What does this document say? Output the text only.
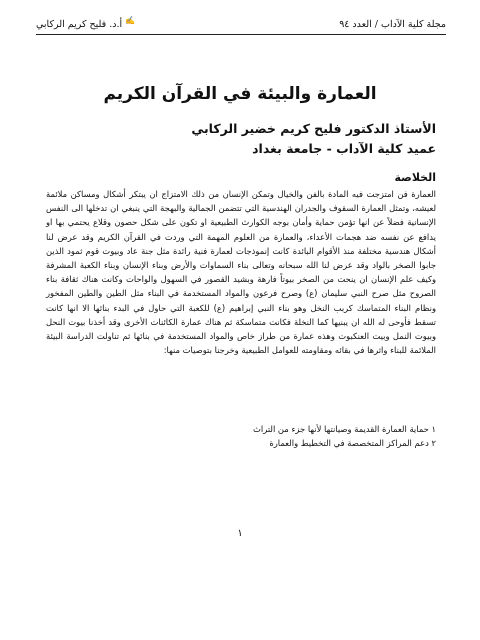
مجلة كلية الآداب / العدد ٩٤
✍أ.د. فليح كريم الركابي
العمارة والبيئة في القرآن الكريم
الأستاذ الدكتور فليح كريم خضير الركابي
عميد كلية الآداب - جامعة بغداد
الخلاصة

العمارة فن امتزجت فيه المادة بالفن والخيال وتمكن الإنسان من ذلك الامتزاج ان يبتكر أشكال ومساكن ملائمة لعيشه، وتمثل العمارة السقوف والجدران الهندسية التي تتضمن الجمالية والبهجة التي ينبغي ان تدخلها الى النفس الإنسانية فضلاً عن انها تؤمن حماية وأمان بوجه الكوارث الطبيعية او تكون على شكل حصون وقلاع يحتمي بها او يدافع عن نفسه ضد هجمات الأعداء، والعمارة من العلوم المهمة التي وردت في القرآن الكريم وقد عرض لنا أشكال هندسية مختلفة منذ الأقوام البائدة كانت إنموذجات لعمارة فنية رائدة مثل جنة عاد وبيوت قوم ثمود الذين جابوا الصخر بالواد وقد عرض لنا الله سبحانه وتعالى بناء السماوات والأرض وبناء الإنسان وبناء الكعبة المشرفة وكيف علم الإنسان ان ينحت من الصخر بيوتاً فارهة وبشيد القصور في السهول والواحات وكانت هناك ثقافة بناء الصروح مثل صرح النبي سليمان (ع) وصرح فرعون والمواد المستخدمة في البناء مثل الطين والطين المفخور ونظام البناء المتماسك كربب النخل وهو بناء النبي إبراهيم (ع) للكعبة التي حاول في البدء بنائها الا انها كانت تسقط فأوحى له الله ان يبنيها كما النخلة فكانت متماسكة ثم هناك عمارة الكائنات الأخرى وقد أخذنا بيوت النحل وبيوت النمل وبيت العنكبوت وهذه عمارة من طراز خاص والمواد المستخدمة في بنائها ثم تناولت الدراسة البيئة الملائمة للبناء واثرها في بقائه ومقاومته للعوامل الطبيعية وخرجنا بتوصيات منها:

١ حماية العمارة القديمة وصيانتها لأنها جزء من التراث
٢ دعم المراكز المتخصصة في التخطيط والعمارة
١
